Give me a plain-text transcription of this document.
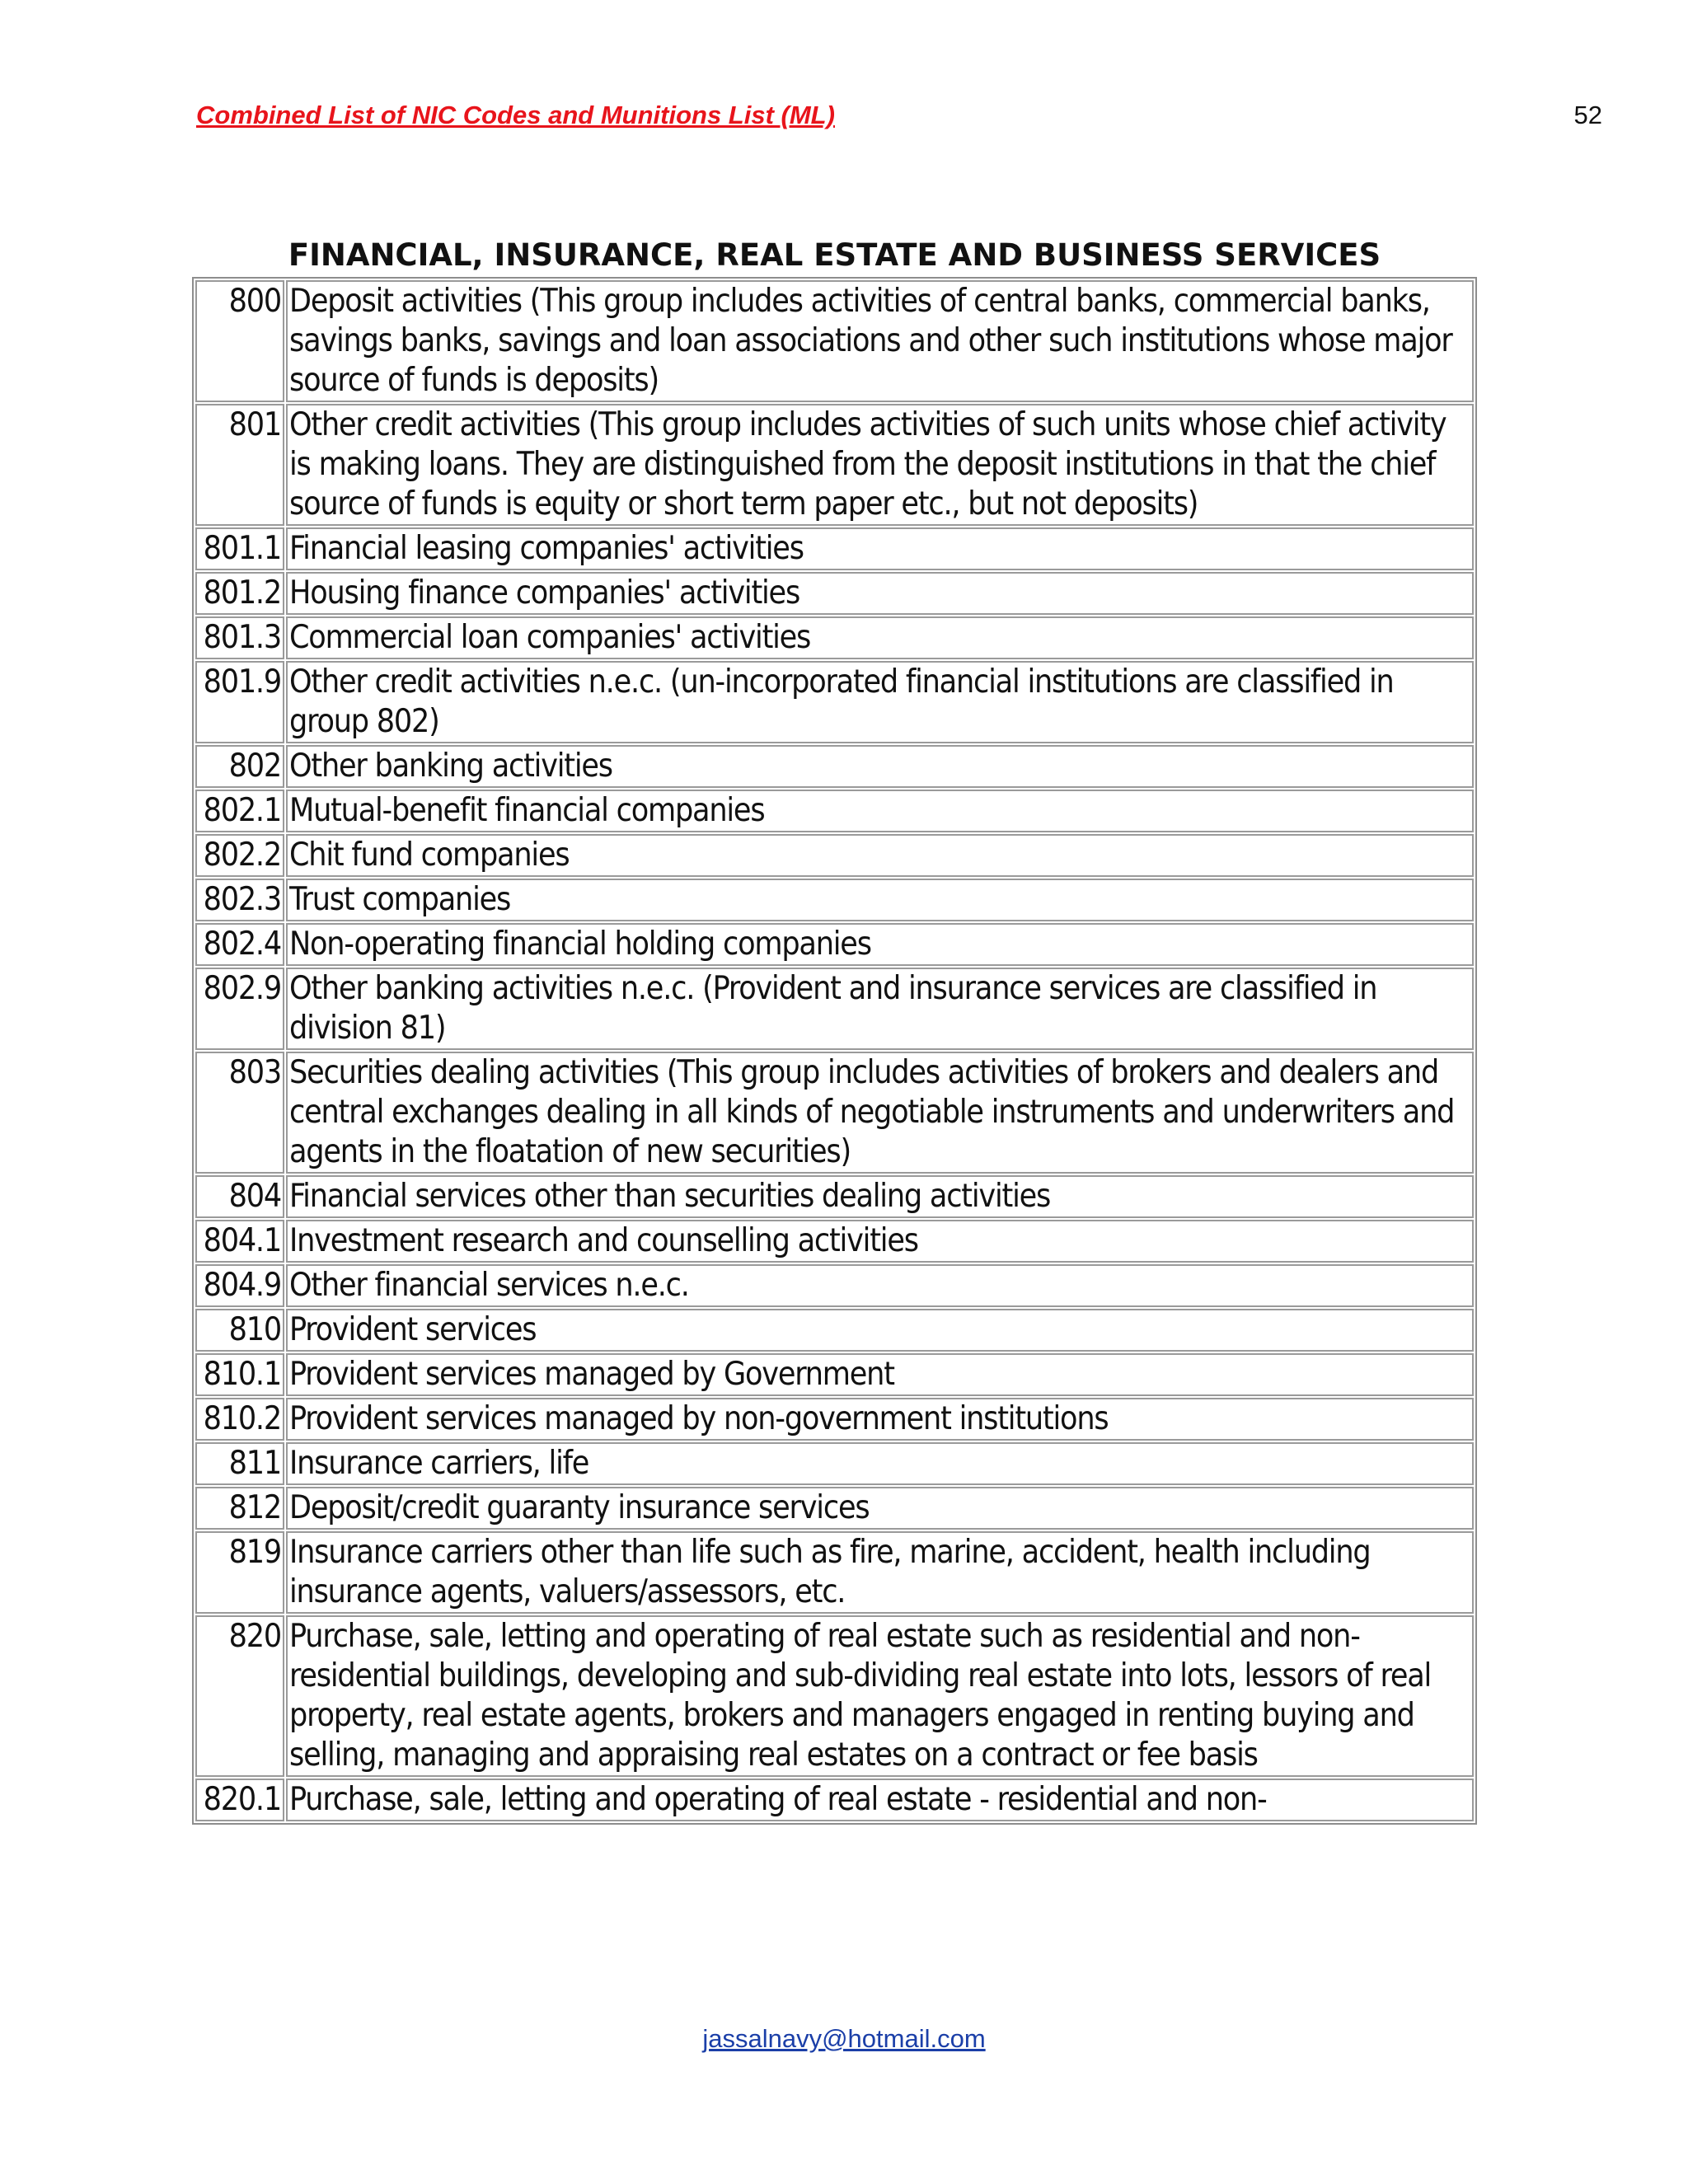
Combined List of NIC Codes and Munitions List (ML)	52
FINANCIAL, INSURANCE, REAL ESTATE AND BUSINESS SERVICES
800	Deposit activities (This group includes activities of central banks, commercial banks, savings banks, savings and loan associations and other such institutions whose major source of funds is deposits)
801	Other credit activities (This group includes activities of such units whose chief activity is making loans. They are distinguished from the deposit institutions in that the chief source of funds is equity or short term paper etc., but not deposits)
801.1	Financial leasing companies' activities
801.2	Housing finance companies' activities
801.3	Commercial loan companies' activities
801.9	Other credit activities n.e.c. (un-incorporated financial institutions are classified in group 802)
802	Other banking activities
802.1	Mutual-benefit financial companies
802.2	Chit fund companies
802.3	Trust companies
802.4	Non-operating financial holding companies
802.9	Other banking activities n.e.c. (Provident and insurance services are classified in division 81)
803	Securities dealing activities (This group includes activities of brokers and dealers and central exchanges dealing in all kinds of negotiable instruments and underwriters and agents in the floatation of new securities)
804	Financial services other than securities dealing activities
804.1	Investment research and counselling activities
804.9	Other financial services n.e.c.
810	Provident services
810.1	Provident services managed by Government
810.2	Provident services managed by non-government institutions
811	Insurance carriers, life
812	Deposit/credit guaranty insurance services
819	Insurance carriers other than life such as fire, marine, accident, health including insurance agents, valuers/assessors, etc.
820	Purchase, sale, letting and operating of real estate such as residential and non-residential buildings, developing and sub-dividing real estate into lots, lessors of real property, real estate agents, brokers and managers engaged in renting buying and selling, managing and appraising real estates on a contract or fee basis
820.1	Purchase, sale, letting and operating of real estate - residential and non-
jassalnavy@hotmail.com
